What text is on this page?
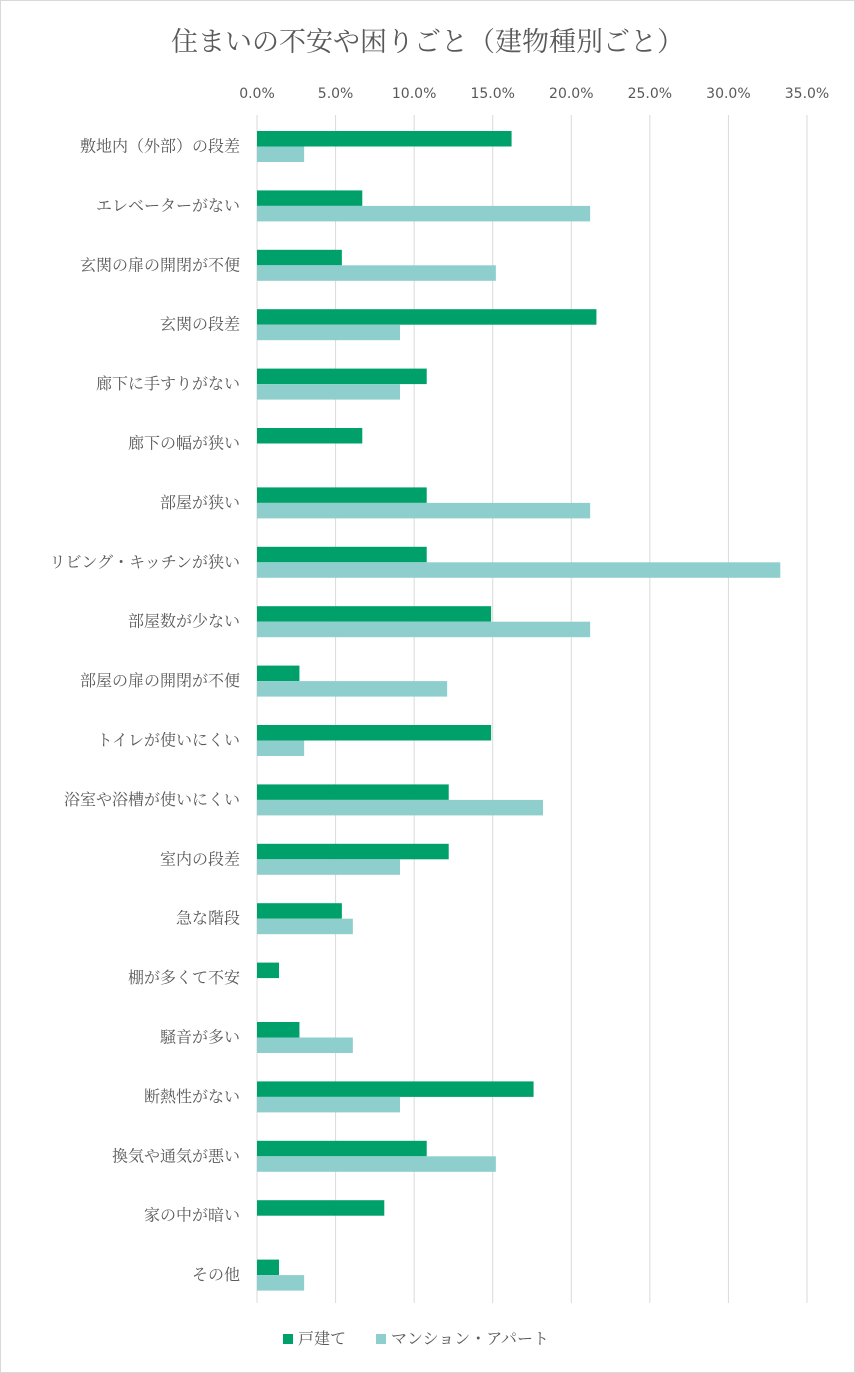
住まいの不安や困りごと（建物種別ごと）
0.0%	5.0%	10.0% 15.0% 20.0% 25.0% 30.0% 35.0%
敷地内（外部）の段差
エレベーターがない
玄関の扉の開閉が不便
玄関の段差
廊下に手すりがない
廊下の幅が狭い
部屋が狭い
リビング・キッチンが狭い
部屋数が少ない
部屋の扉の開閉が不便
トイレが使いにくい
浴室や浴槽が使いにくい
室内の段差
急な階段
棚が多くて不安
騒音が多い
断熱性がない
換気や通気が悪い
家の中が暗い
その他
戸建て	マンション・アパート
